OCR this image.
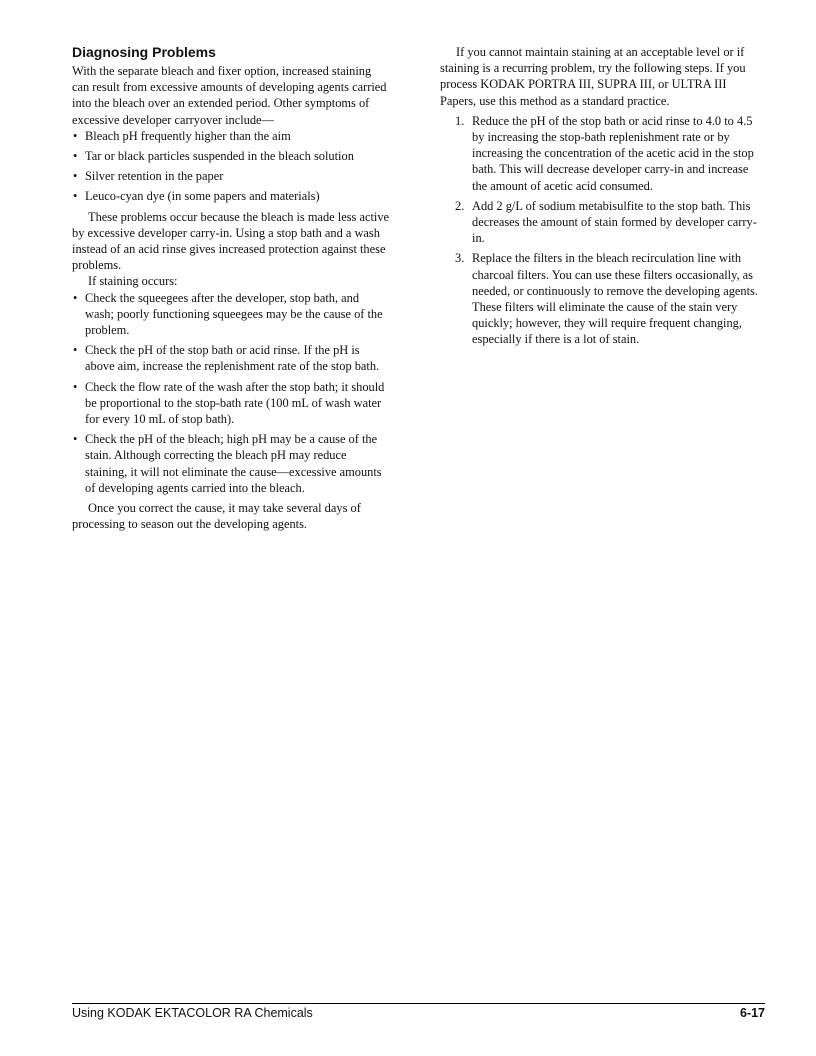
Diagnosing Problems

With the separate bleach and fixer option, increased staining can result from excessive amounts of developing agents carried into the bleach over an extended period. Other symptoms of excessive developer carryover include—

• Bleach pH frequently higher than the aim
• Tar or black particles suspended in the bleach solution
• Silver retention in the paper
• Leuco-cyan dye (in some papers and materials)

These problems occur because the bleach is made less active by excessive developer carry-in. Using a stop bath and a wash instead of an acid rinse gives increased protection against these problems.

If staining occurs:

• Check the squeegees after the developer, stop bath, and wash; poorly functioning squeegees may be the cause of the problem.
• Check the pH of the stop bath or acid rinse. If the pH is above aim, increase the replenishment rate of the stop bath.
• Check the flow rate of the wash after the stop bath; it should be proportional to the stop-bath rate (100 mL of wash water for every 10 mL of stop bath).
• Check the pH of the bleach; high pH may be a cause of the stain. Although correcting the bleach pH may reduce staining, it will not eliminate the cause—excessive amounts of developing agents carried into the bleach.

Once you correct the cause, it may take several days of processing to season out the developing agents.

If you cannot maintain staining at an acceptable level or if staining is a recurring problem, try the following steps. If you process KODAK PORTRA III, SUPRA III, or ULTRA III Papers, use this method as a standard practice.

1. Reduce the pH of the stop bath or acid rinse to 4.0 to 4.5 by increasing the stop-bath replenishment rate or by increasing the concentration of the acetic acid in the stop bath. This will decrease developer carry-in and increase the amount of acetic acid consumed.
2. Add 2 g/L of sodium metabisulfite to the stop bath. This decreases the amount of stain formed by developer carry-in.
3. Replace the filters in the bleach recirculation line with charcoal filters. You can use these filters occasionally, as needed, or continuously to remove the developing agents. These filters will eliminate the cause of the stain very quickly; however, they will require frequent changing, especially if there is a lot of stain.
Using KODAK EKTACOLOR RA Chemicals	6-17
